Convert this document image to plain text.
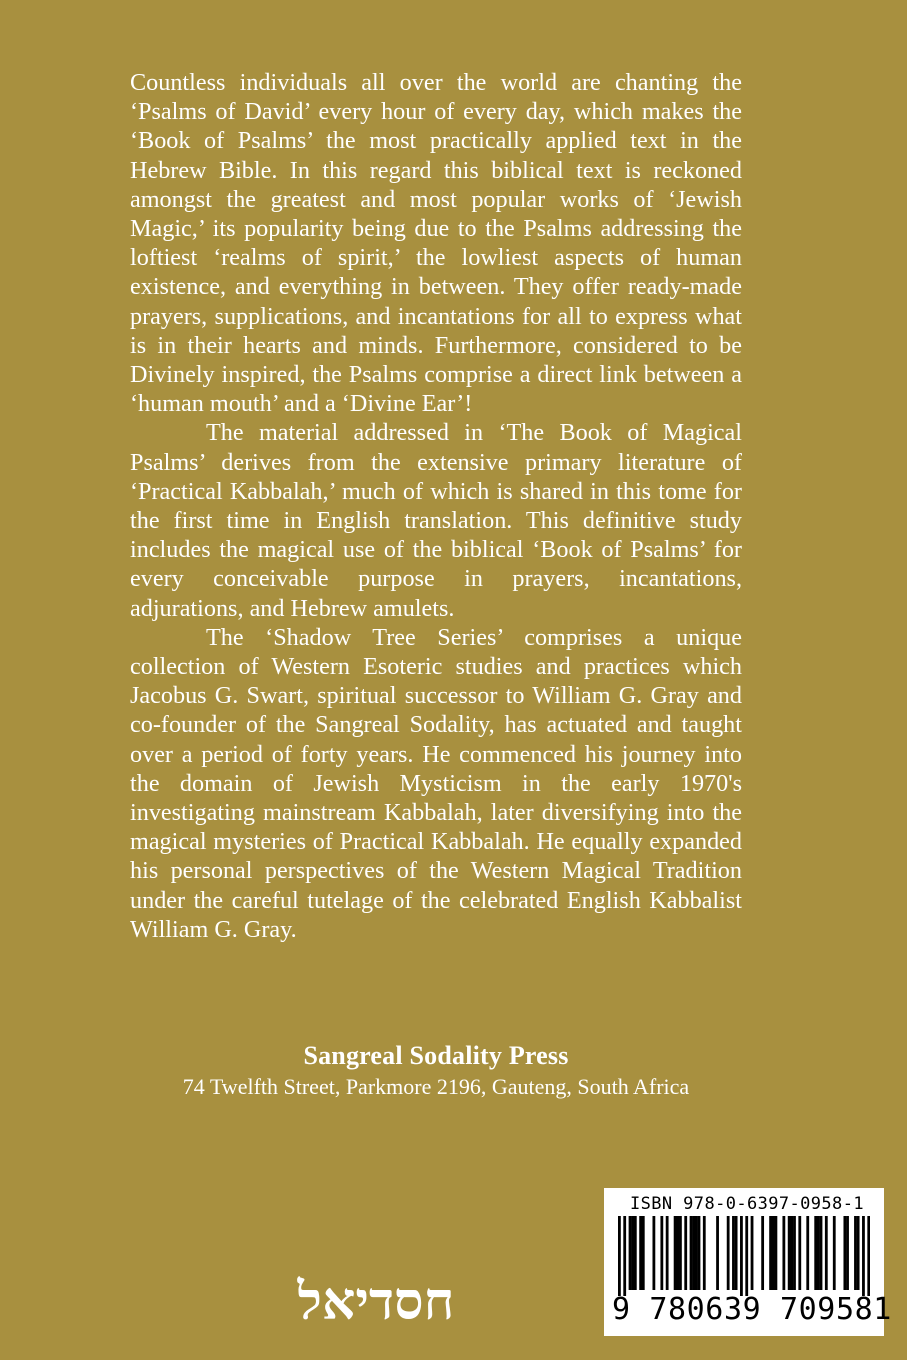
Countless individuals all over the world are chanting the ‘Psalms of David’ every hour of every day, which makes the ‘Book of Psalms’ the most practically applied text in the Hebrew Bible. In this regard this biblical text is reckoned amongst the greatest and most popular works of ‘Jewish Magic,’ its popularity being due to the Psalms addressing the loftiest ‘realms of spirit,’ the lowliest aspects of human existence, and everything in between. They offer ready-made prayers, supplications, and incantations for all to express what is in their hearts and minds. Furthermore, considered to be Divinely inspired, the Psalms comprise a direct link between a ‘human mouth’ and a ‘Divine Ear’!

The material addressed in ‘The Book of Magical Psalms’ derives from the extensive primary literature of ‘Practical Kabbalah,’ much of which is shared in this tome for the first time in English translation. This definitive study includes the magical use of the biblical ‘Book of Psalms’ for every conceivable purpose in prayers, incantations, adjurations, and Hebrew amulets.

The ‘Shadow Tree Series’ comprises a unique collection of Western Esoteric studies and practices which Jacobus G. Swart, spiritual successor to William G. Gray and co-founder of the Sangreal Sodality, has actuated and taught over a period of forty years. He commenced his journey into the domain of Jewish Mysticism in the early 1970's investigating mainstream Kabbalah, later diversifying into the magical mysteries of Practical Kabbalah. He equally expanded his personal perspectives of the Western Magical Tradition under the careful tutelage of the celebrated English Kabbalist William G. Gray.

Sangreal Sodality Press
74 Twelfth Street, Parkmore 2196, Gauteng, South Africa
חסדיאל
ISBN 978-0-6397-0958-1
9 780639 709581
